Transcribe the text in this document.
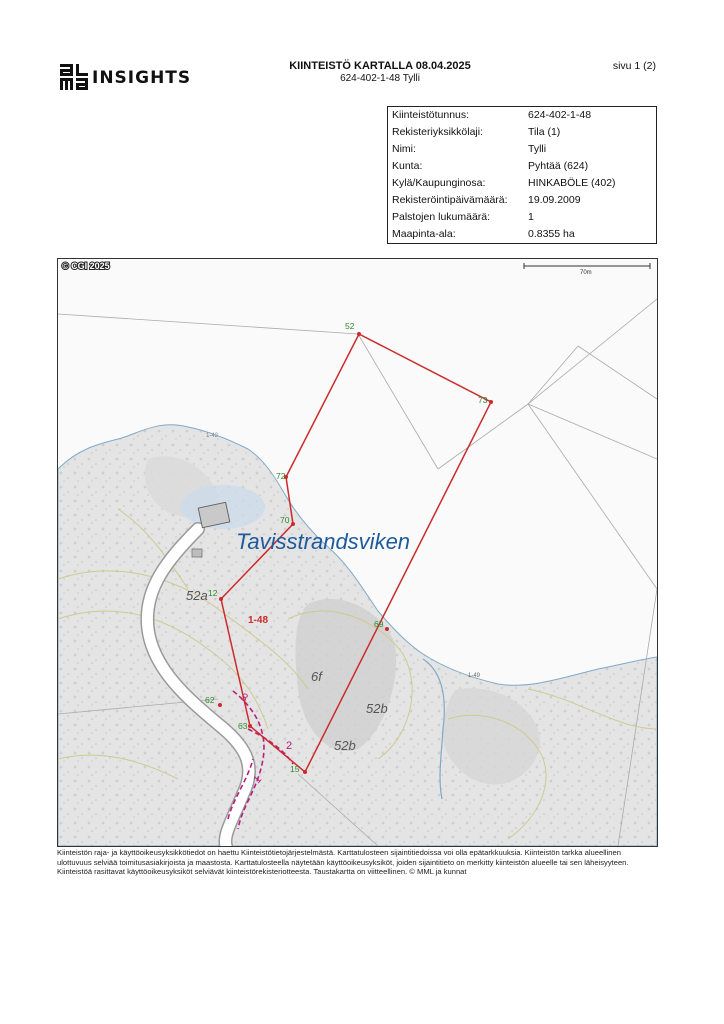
INSIGHTS
KIINTEISTÖ KARTALLA 08.04.2025
624-402-1-48 Tylli
sivu 1 (2)
Kiinteistötunnus:	624-402-1-48
Rekisteriyksikkölaji:	Tila (1)
Nimi:	Tylli
Kunta:	Pyhtää (624)
Kylä/Kaupunginosa:	HINKABÖLE (402)
Rekisteröintipäivämäärä:	19.09.2009
Palstojen lukumäärä:	1
Maapinta-ala:	0.8355 ha
3
2
1
52
73
72
70
12
69
62
63
15
Tavisstrandsviken
1-48
1-49
1-42
52a
6f
52b
52b
© CGI 2025
70m
Kiinteistön raja- ja käyttöoikeusyksikkötiedot on haettu Kiinteistötietojärjestelmästä. Karttatulosteen sijaintitiedoissa voi olla epätarkkuuksia. Kiinteistön tarkka alueellinen ulottuvuus selviää toimitusasiakirjoista ja maastosta. Karttatulosteella näytetään käyttöoikeusyksiköt, joiden sijaintitieto on merkitty kiinteistön alueelle tai sen läheisyyteen. Kiinteistöä rasittavat käyttöoikeusyksiköt selviävät kiinteistörekisteriotteesta. Taustakartta on viitteellinen. © MML ja kunnat
